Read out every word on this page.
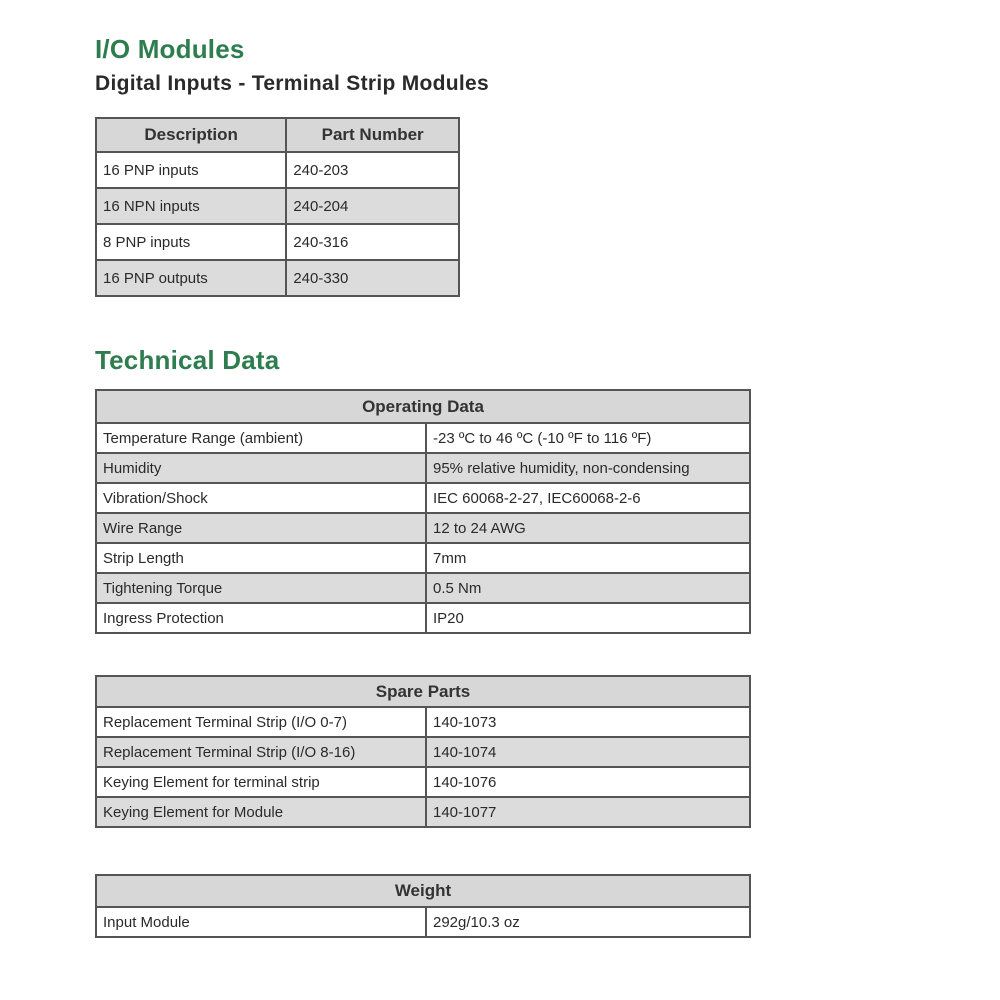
I/O Modules
Digital Inputs - Terminal Strip Modules
Description	Part Number
16 PNP inputs	240-203
16 NPN inputs	240-204
8 PNP inputs	240-316
16 PNP outputs	240-330
Technical Data
Operating Data	
Temperature Range (ambient)	-23 ºC to 46 ºC (-10 ºF to 116 ºF)
Humidity	95% relative humidity, non-condensing
Vibration/Shock	IEC 60068-2-27, IEC60068-2-6
Wire Range	12 to 24 AWG
Strip Length	7mm
Tightening Torque	0.5 Nm
Ingress Protection	IP20
Spare Parts	
Replacement Terminal Strip (I/O 0-7)	140-1073
Replacement Terminal Strip (I/O 8-16)	140-1074
Keying Element for terminal strip	140-1076
Keying Element for Module	140-1077
Weight
Input Module	292g/10.3 oz
